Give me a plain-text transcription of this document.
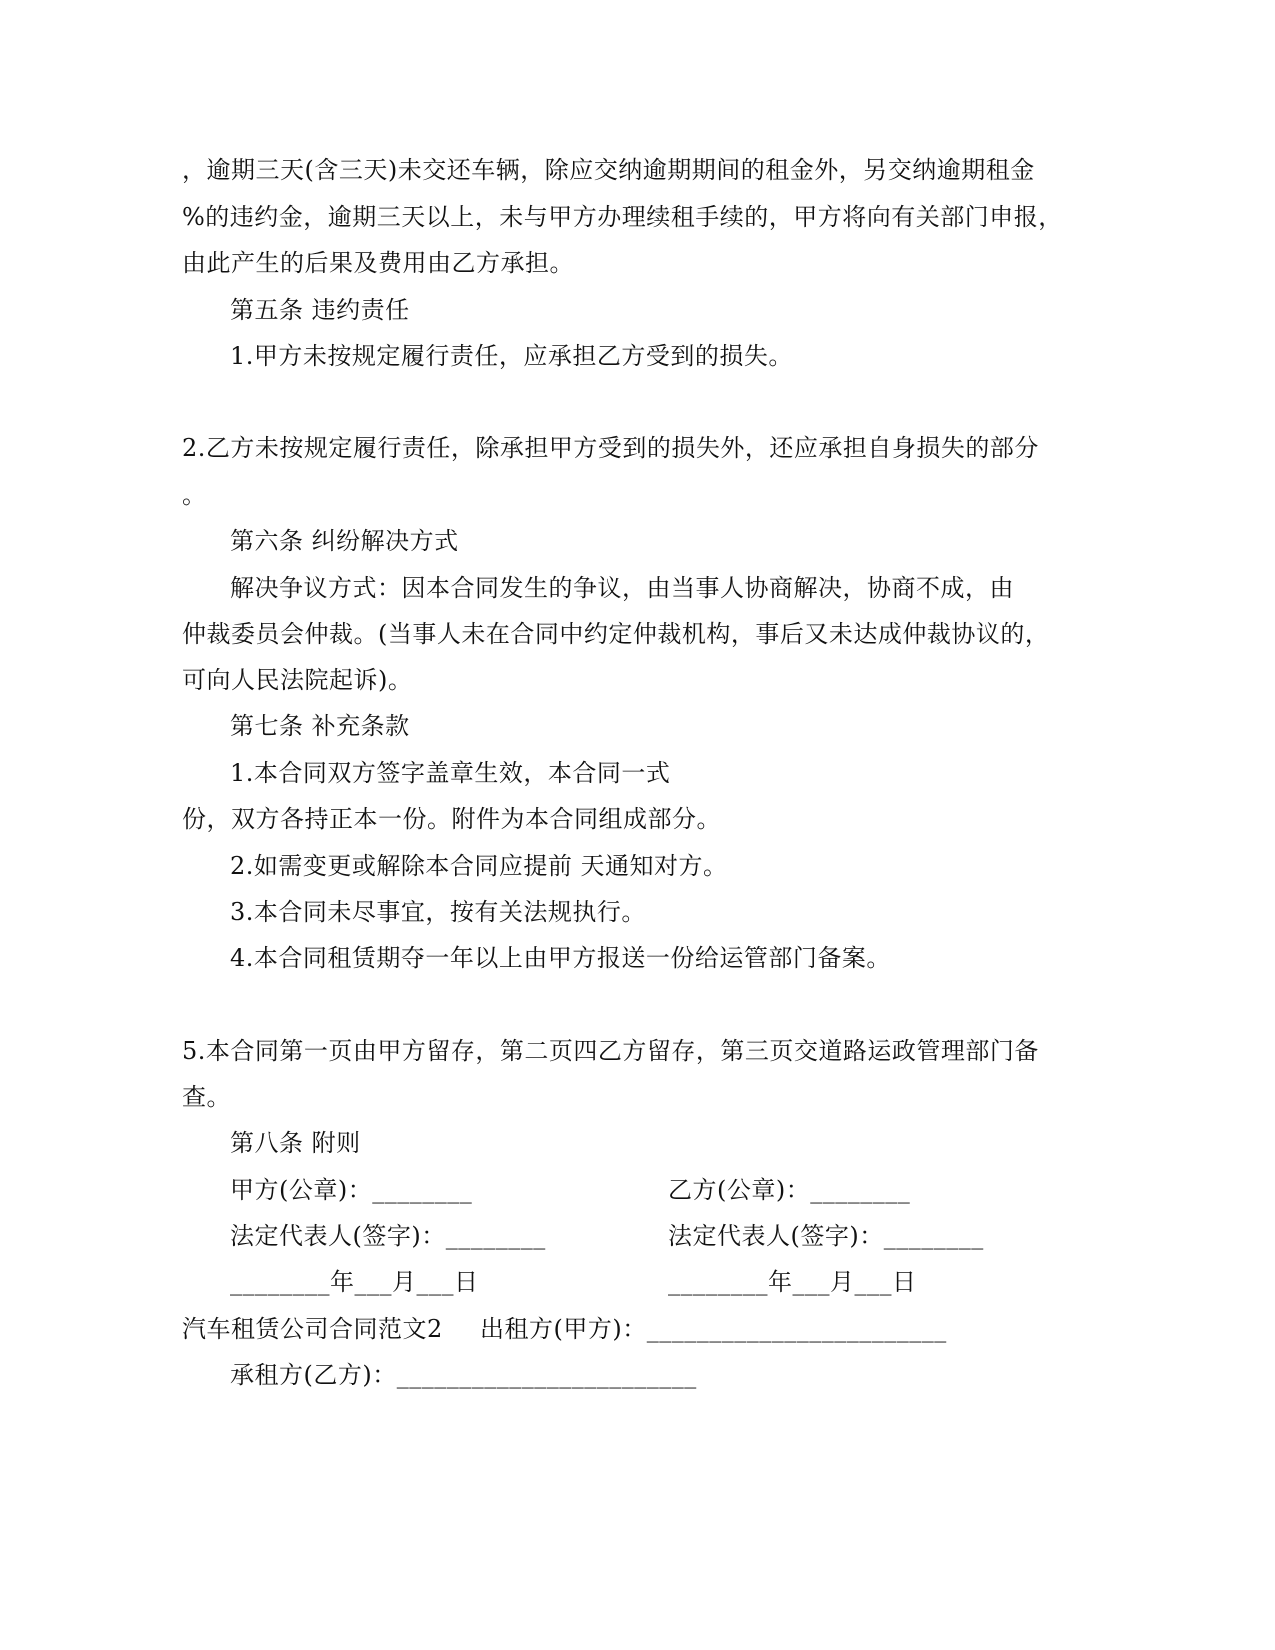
，逾期三天(含三天)未交还车辆，除应交纳逾期期间的租金外，另交纳逾期租金
%的违约金，逾期三天以上，未与甲方办理续租手续的，甲方将向有关部门申报，
由此产生的后果及费用由乙方承担。
第五条 违约责任
1.甲方未按规定履行责任，应承担乙方受到的损失。
2.乙方未按规定履行责任，除承担甲方受到的损失外，还应承担自身损失的部分
。
第六条 纠纷解决方式
解决争议方式：因本合同发生的争议，由当事人协商解决，协商不成，由
仲裁委员会仲裁。(当事人未在合同中约定仲裁机构，事后又未达成仲裁协议的，
可向人民法院起诉)。
第七条 补充条款
1.本合同双方签字盖章生效，本合同一式
份，双方各持正本一份。附件为本合同组成部分。
2.如需变更或解除本合同应提前 天通知对方。
3.本合同未尽事宜，按有关法规执行。
4.本合同租赁期夺一年以上由甲方报送一份给运管部门备案。
5.本合同第一页由甲方留存，第二页四乙方留存，第三页交道路运政管理部门备
查。
第八条 附则
甲方(公章)：________	乙方(公章)：________
法定代表人(签字)：________	法定代表人(签字)：________
________年___月___日	________年___月___日
汽车租赁公司合同范文2 出租方(甲方)：________________________
承租方(乙方)：________________________
